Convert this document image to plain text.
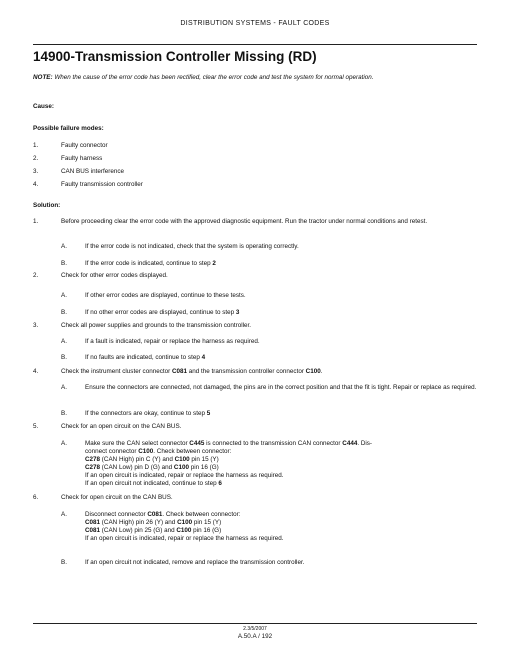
DISTRIBUTION SYSTEMS - FAULT CODES
14900-Transmission Controller Missing (RD)
NOTE: When the cause of the error code has been rectified, clear the error code and test the system for normal operation.
Cause:
Possible failure modes:
1.	Faulty connector
2.	Faulty harness
3.	CAN BUS interference
4.	Faulty transmission controller
Solution:
1.	Before proceeding clear the error code with the approved diagnostic equipment. Run the tractor under normal conditions and retest.
A.	If the error code is not indicated, check that the system is operating correctly.
B.	If the error code is indicated, continue to step 2
2.	Check for other error codes displayed.
A.	If other error codes are displayed, continue to these tests.
B.	If no other error codes are displayed, continue to step 3
3.	Check all power supplies and grounds to the transmission controller.
A.	If a fault is indicated, repair or replace the harness as required.
B.	If no faults are indicated, continue to step 4
4.	Check the instrument cluster connector C081 and the transmission controller connector C100.
A.	Ensure the connectors are connected, not damaged, the pins are in the correct position and that the fit is tight. Repair or replace as required.
B.	If the connectors are okay, continue to step 5
5.	Check for an open circuit on the CAN BUS.
A.	Make sure the CAN select connector C445 is connected to the transmission CAN connector C444. Dis-
connect connector C100. Check between connector:
C278 (CAN High) pin C (Y) and C100 pin 15 (Y)
C278 (CAN Low) pin D (G) and C100 pin 16 (G)
If an open circuit is indicated, repair or replace the harness as required.
If an open circuit not indicated, continue to step 6
6.	Check for open circuit on the CAN BUS.
A.	Disconnect connector C081. Check between connector:
C081 (CAN High) pin 26 (Y) and C100 pin 15 (Y)
C081 (CAN Low) pin 25 (G) and C100 pin 16 (G)
If an open circuit is indicated, repair or replace the harness as required.
B.	If an open circuit not indicated, remove and replace the transmission controller.
2.3/5/2007
A.50.A / 192
